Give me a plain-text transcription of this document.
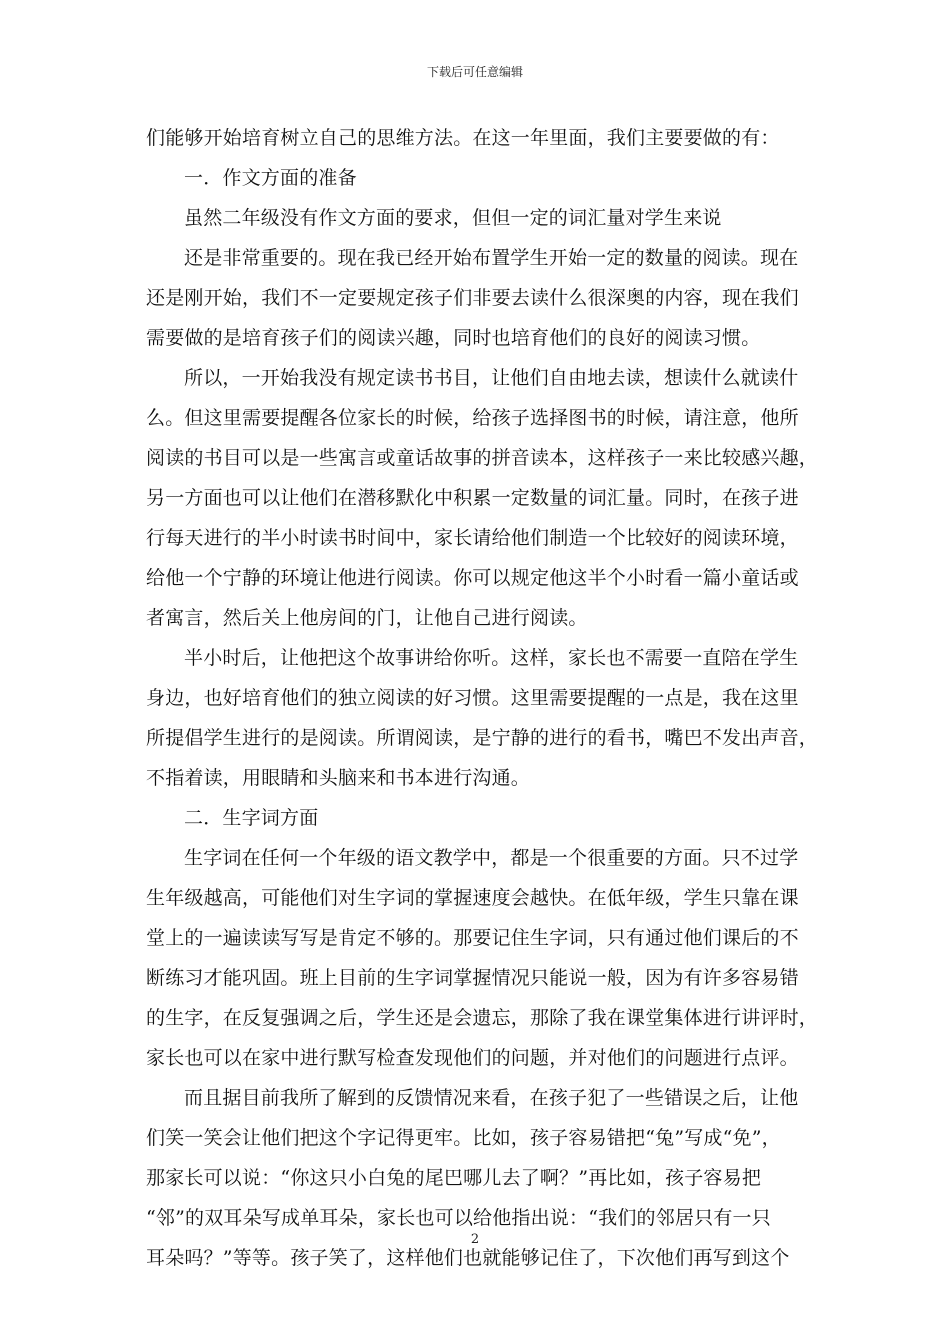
下载后可任意编辑
们能够开始培育树立自己的思维方法。在这一年里面，我们主要要做的有：
一．作文方面的准备
虽然二年级没有作文方面的要求，但但一定的词汇量对学生来说
还是非常重要的。现在我已经开始布置学生开始一定的数量的阅读。现在
还是刚开始，我们不一定要规定孩子们非要去读什么很深奥的内容，现在我们
需要做的是培育孩子们的阅读兴趣，同时也培育他们的良好的阅读习惯。
所以，一开始我没有规定读书书目，让他们自由地去读，想读什么就读什
么。但这里需要提醒各位家长的时候，给孩子选择图书的时候，请注意，他所
阅读的书目可以是一些寓言或童话故事的拼音读本，这样孩子一来比较感兴趣，
另一方面也可以让他们在潜移默化中积累一定数量的词汇量。同时，在孩子进
行每天进行的半小时读书时间中，家长请给他们制造一个比较好的阅读环境，
给他一个宁静的环境让他进行阅读。你可以规定他这半个小时看一篇小童话或
者寓言，然后关上他房间的门，让他自己进行阅读。
半小时后，让他把这个故事讲给你听。这样，家长也不需要一直陪在学生
身边，也好培育他们的独立阅读的好习惯。这里需要提醒的一点是，我在这里
所提倡学生进行的是阅读。所谓阅读，是宁静的进行的看书，嘴巴不发出声音，
不指着读，用眼睛和头脑来和书本进行沟通。
二．生字词方面
生字词在任何一个年级的语文教学中，都是一个很重要的方面。只不过学
生年级越高，可能他们对生字词的掌握速度会越快。在低年级，学生只靠在课
堂上的一遍读读写写是肯定不够的。那要记住生字词，只有通过他们课后的不
断练习才能巩固。班上目前的生字词掌握情况只能说一般，因为有许多容易错
的生字，在反复强调之后，学生还是会遗忘，那除了我在课堂集体进行讲评时，
家长也可以在家中进行默写检查发现他们的问题，并对他们的问题进行点评。
而且据目前我所了解到的反馈情况来看，在孩子犯了一些错误之后，让他
们笑一笑会让他们把这个字记得更牢。比如，孩子容易错把“兔”写成“免”，
那家长可以说：“你这只小白兔的尾巴哪儿去了啊？”再比如，孩子容易把
“邻”的双耳朵写成单耳朵，家长也可以给他指出说：“我们的邻居只有一只
耳朵吗？”等等。孩子笑了，这样他们也就能够记住了，下次他们再写到这个
2
